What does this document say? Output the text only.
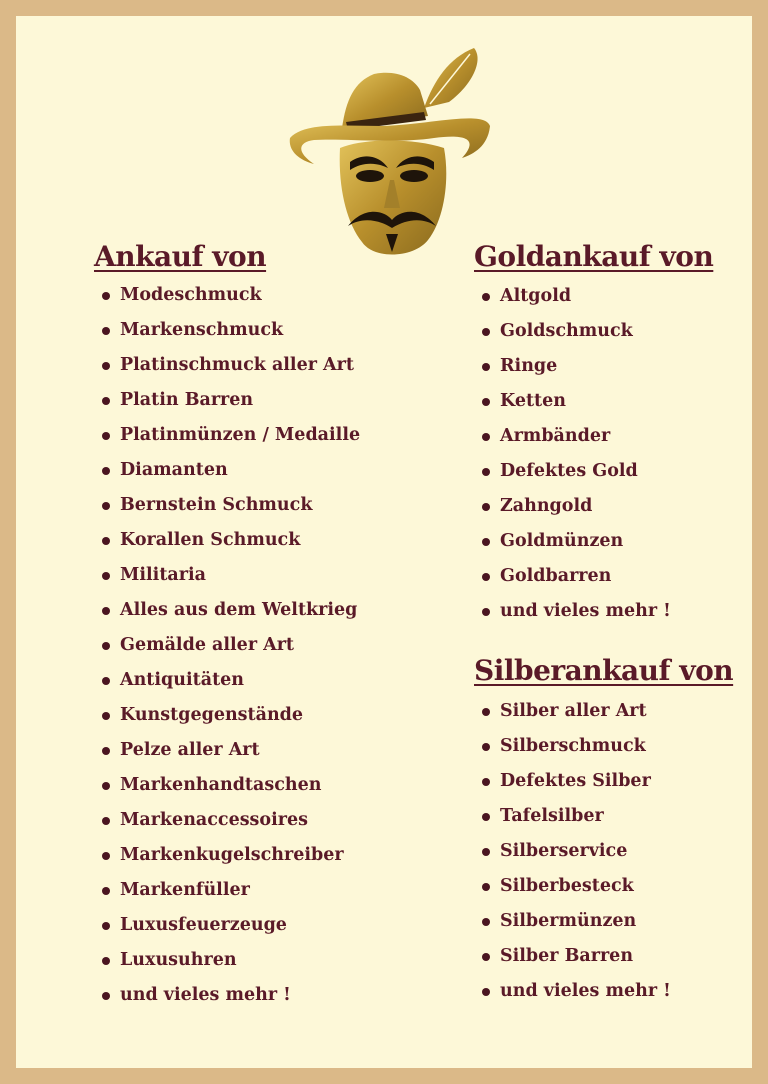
Ankauf von
Modeschmuck
Markenschmuck
Platinschmuck aller Art
Platin Barren
Platinmünzen / Medaille
Diamanten
Bernstein Schmuck
Korallen Schmuck
Militaria
Alles aus dem Weltkrieg
Gemälde aller Art
Antiquitäten
Kunstgegenstände
Pelze aller Art
Markenhandtaschen
Markenaccessoires
Markenkugelschreiber
Markenfüller
Luxusfeuerzeuge
Luxusuhren
und vieles mehr !
Goldankauf von
Altgold
Goldschmuck
Ringe
Ketten
Armbänder
Defektes Gold
Zahngold
Goldmünzen
Goldbarren
und vieles mehr !
Silberankauf von
Silber aller Art
Silberschmuck
Defektes Silber
Tafelsilber
Silberservice
Silberbesteck
Silbermünzen
Silber Barren
und vieles mehr !
